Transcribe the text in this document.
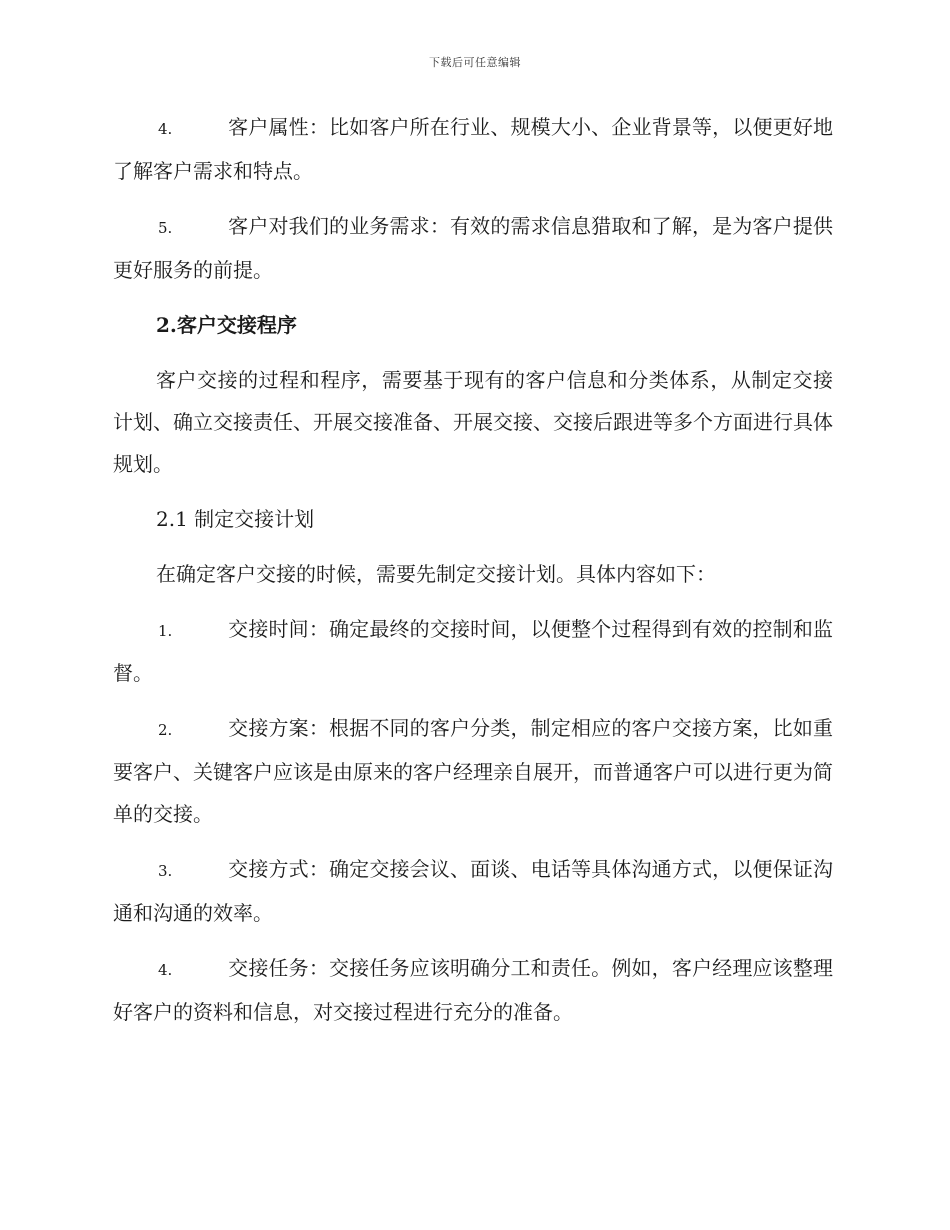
下载后可任意编辑

4.	客户属性：比如客户所在行业、规模大小、企业背景等，以便更好地了解客户需求和特点。

5.	客户对我们的业务需求：有效的需求信息猎取和了解，是为客户提供更好服务的前提。

2.客户交接程序

客户交接的过程和程序，需要基于现有的客户信息和分类体系，从制定交接计划、确立交接责任、开展交接准备、开展交接、交接后跟进等多个方面进行具体规划。

2.1 制定交接计划

在确定客户交接的时候，需要先制定交接计划。具体内容如下：

1.	交接时间：确定最终的交接时间，以便整个过程得到有效的控制和监督。

2.	交接方案：根据不同的客户分类，制定相应的客户交接方案，比如重要客户、关键客户应该是由原来的客户经理亲自展开，而普通客户可以进行更为简单的交接。

3.	交接方式：确定交接会议、面谈、电话等具体沟通方式，以便保证沟通和沟通的效率。

4.	交接任务：交接任务应该明确分工和责任。例如，客户经理应该整理好客户的资料和信息，对交接过程进行充分的准备。
